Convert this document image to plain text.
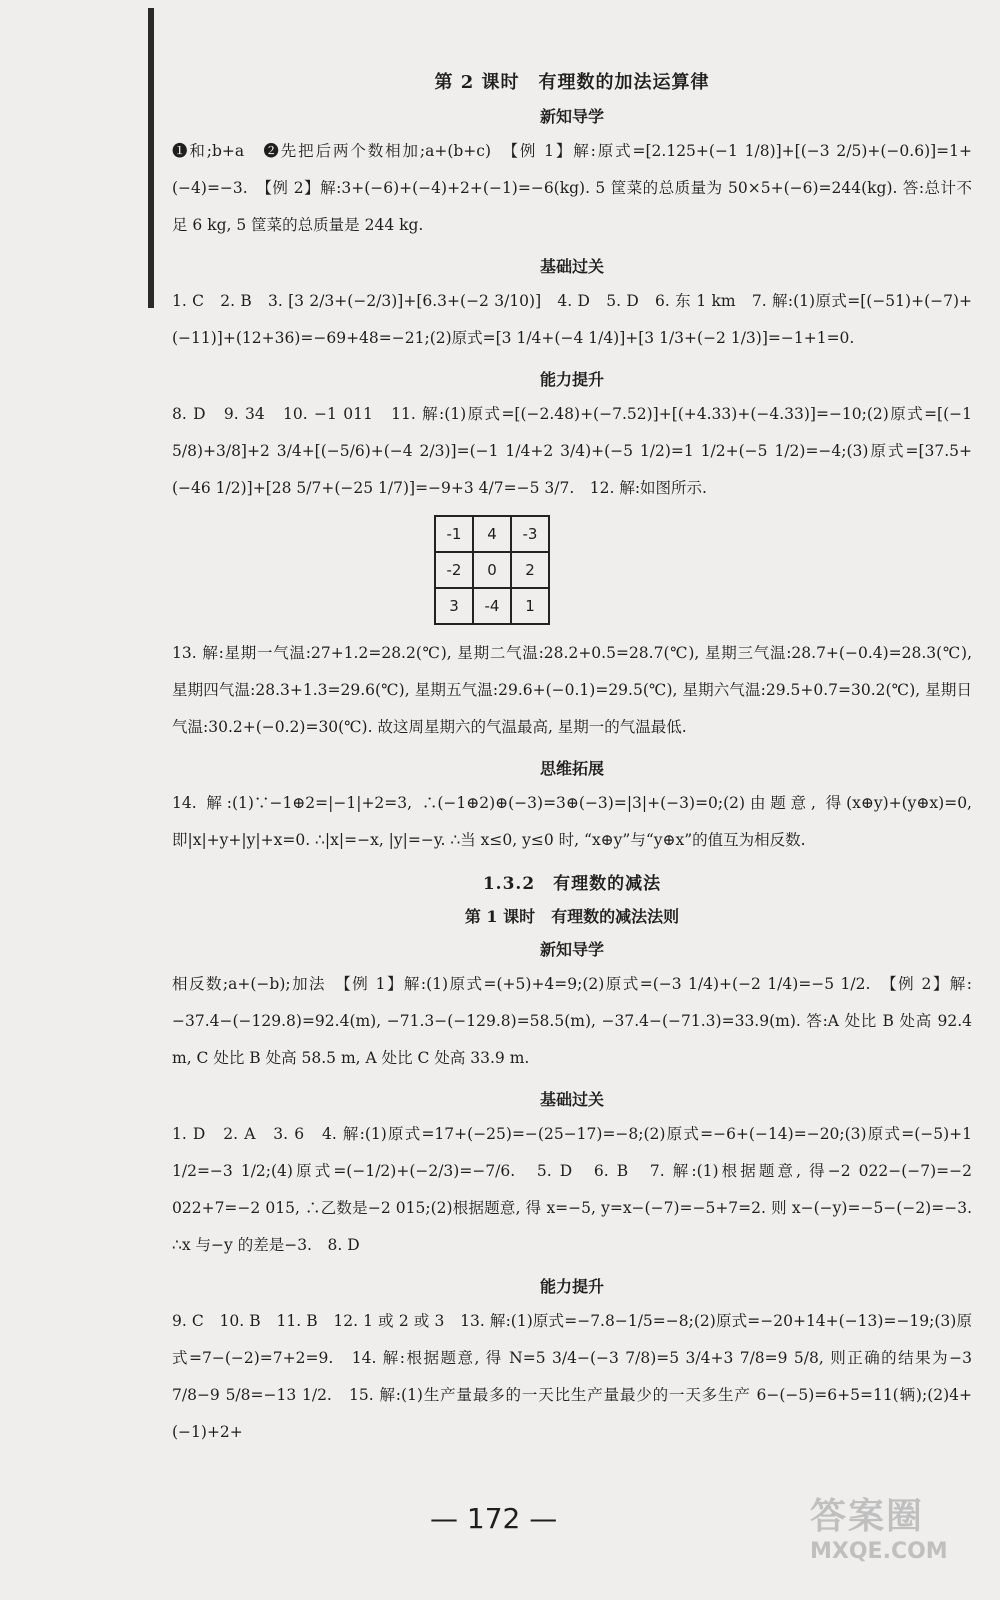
第 2 课时　有理数的加法运算律
新知导学

❶和;b+a　❷先把后两个数相加;a+(b+c)　【例 1】解:原式=[2.125+(−1 1/8)]+[(−3 2/5)+(−0.6)]=1+(−4)=−3.　【例 2】解:3+(−6)+(−4)+2+(−1)=−6(kg). 5 筐菜的总质量为 50×5+(−6)=244(kg). 答:总计不足 6 kg, 5 筐菜的总质量是 244 kg.

基础过关

1. C　2. B　3. [3 2/3+(−2/3)]+[6.3+(−2 3/10)]　4. D　5. D　6. 东 1 km　7. 解:(1)原式=[(−51)+(−7)+(−11)]+(12+36)=−69+48=−21;(2)原式=[3 1/4+(−4 1/4)]+[3 1/3+(−2 1/3)]=−1+1=0.

能力提升

8. D　9. 34　10. −1 011　11. 解:(1)原式=[(−2.48)+(−7.52)]+[(+4.33)+(−4.33)]=−10;(2)原式=[(−1 5/8)+3/8]+2 3/4+[(−5/6)+(−4 2/3)]=(−1 1/4+2 3/4)+(−5 1/2)=1 1/2+(−5 1/2)=−4;(3)原式=[37.5+(−46 1/2)]+[28 5/7+(−25 1/7)]=−9+3 4/7=−5 3/7.　12. 解:如图所示.

-1	4	-3
-2	0	2
3	-4	1

13. 解:星期一气温:27+1.2=28.2(℃), 星期二气温:28.2+0.5=28.7(℃), 星期三气温:28.7+(−0.4)=28.3(℃), 星期四气温:28.3+1.3=29.6(℃), 星期五气温:29.6+(−0.1)=29.5(℃), 星期六气温:29.5+0.7=30.2(℃), 星期日气温:30.2+(−0.2)=30(℃). 故这周星期六的气温最高, 星期一的气温最低.

思维拓展

14. 解:(1)∵−1⊕2=|−1|+2=3, ∴(−1⊕2)⊕(−3)=3⊕(−3)=|3|+(−3)=0;(2)由题意, 得(x⊕y)+(y⊕x)=0, 即|x|+y+|y|+x=0. ∴|x|=−x, |y|=−y. ∴当 x≤0, y≤0 时, “x⊕y”与“y⊕x”的值互为相反数.

1.3.2　有理数的减法
第 1 课时　有理数的减法法则
新知导学

相反数;a+(−b);加法　【例 1】解:(1)原式=(+5)+4=9;(2)原式=(−3 1/4)+(−2 1/4)=−5 1/2.　【例 2】解:−37.4−(−129.8)=92.4(m), −71.3−(−129.8)=58.5(m), −37.4−(−71.3)=33.9(m). 答:A 处比 B 处高 92.4 m, C 处比 B 处高 58.5 m, A 处比 C 处高 33.9 m.

基础过关

1. D　2. A　3. 6　4. 解:(1)原式=17+(−25)=−(25−17)=−8;(2)原式=−6+(−14)=−20;(3)原式=(−5)+1 1/2=−3 1/2;(4)原式=(−1/2)+(−2/3)=−7/6.　5. D　6. B　7. 解:(1)根据题意, 得−2 022−(−7)=−2 022+7=−2 015, ∴乙数是−2 015;(2)根据题意, 得 x=−5, y=x−(−7)=−5+7=2. 则 x−(−y)=−5−(−2)=−3. ∴x 与−y 的差是−3.　8. D

能力提升

9. C　10. B　11. B　12. 1 或 2 或 3　13. 解:(1)原式=−7.8−1/5=−8;(2)原式=−20+14+(−13)=−19;(3)原式=7−(−2)=7+2=9.　14. 解:根据题意, 得 N=5 3/4−(−3 7/8)=5 3/4+3 7/8=9 5/8, 则正确的结果为−3 7/8−9 5/8=−13 1/2.　15. 解:(1)生产量最多的一天比生产量最少的一天多生产 6−(−5)=6+5=11(辆);(2)4+(−1)+2+

— 172 —	答案圈
MXQE.COM
